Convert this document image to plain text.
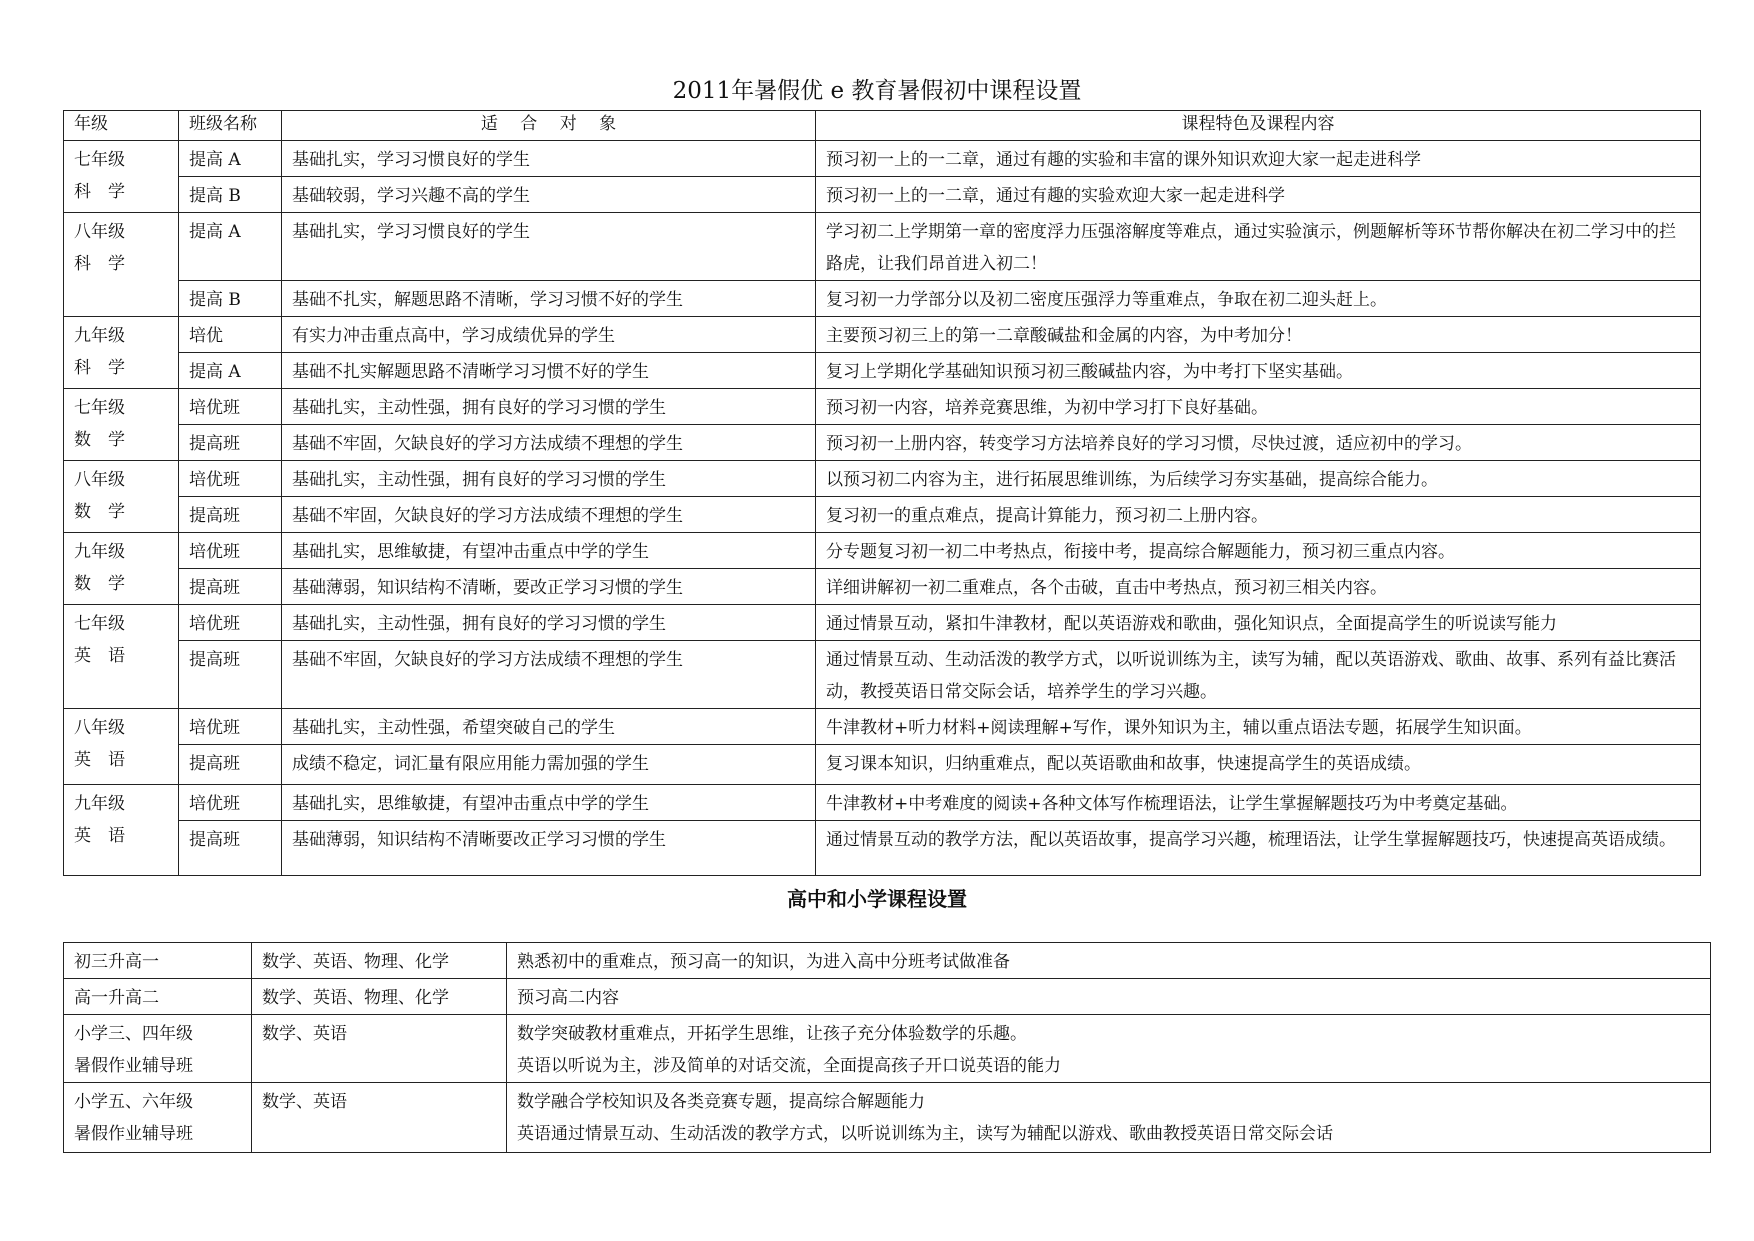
2011年暑假优 e 教育暑假初中课程设置
年级	班级名称	适　 合　 对　 象	课程特色及课程内容

七年级
科　学	提高 A	基础扎实，学习习惯良好的学生	预习初一上的一二章，通过有趣的实验和丰富的课外知识欢迎大家一起走进科学
	提高 B	基础较弱，学习兴趣不高的学生	预习初一上的一二章，通过有趣的实验欢迎大家一起走进科学

八年级
科　学	提高 A	基础扎实，学习习惯良好的学生	学习初二上学期第一章的密度浮力压强溶解度等难点，通过实验演示，例题解析等环节帮你解决在初二学习中的拦路虎，让我们昂首进入初二！
	提高 B	基础不扎实，解题思路不清晰，学习习惯不好的学生	复习初一力学部分以及初二密度压强浮力等重难点，争取在初二迎头赶上。

九年级
科　学	培优	有实力冲击重点高中，学习成绩优异的学生	主要预习初三上的第一二章酸碱盐和金属的内容，为中考加分！
	提高 A	基础不扎实解题思路不清晰学习习惯不好的学生	复习上学期化学基础知识预习初三酸碱盐内容，为中考打下坚实基础。

七年级
数　学	培优班	基础扎实，主动性强，拥有良好的学习习惯的学生	预习初一内容，培养竞赛思维，为初中学习打下良好基础。
	提高班	基础不牢固，欠缺良好的学习方法成绩不理想的学生	预习初一上册内容，转变学习方法培养良好的学习习惯，尽快过渡，适应初中的学习。

八年级
数　学	培优班	基础扎实，主动性强，拥有良好的学习习惯的学生	以预习初二内容为主，进行拓展思维训练，为后续学习夯实基础，提高综合能力。
	提高班	基础不牢固，欠缺良好的学习方法成绩不理想的学生	复习初一的重点难点，提高计算能力，预习初二上册内容。

九年级
数　学	培优班	基础扎实，思维敏捷，有望冲击重点中学的学生	分专题复习初一初二中考热点，衔接中考，提高综合解题能力，预习初三重点内容。
	提高班	基础薄弱，知识结构不清晰，要改正学习习惯的学生	详细讲解初一初二重难点，各个击破，直击中考热点，预习初三相关内容。

七年级
英　语	培优班	基础扎实，主动性强，拥有良好的学习习惯的学生	通过情景互动，紧扣牛津教材，配以英语游戏和歌曲，强化知识点，全面提高学生的听说读写能力
	提高班	基础不牢固，欠缺良好的学习方法成绩不理想的学生	通过情景互动、生动活泼的教学方式，以听说训练为主，读写为辅，配以英语游戏、歌曲、故事、系列有益比赛活动，教授英语日常交际会话，培养学生的学习兴趣。

八年级
英　语	培优班	基础扎实，主动性强，希望突破自己的学生	牛津教材+听力材料+阅读理解+写作，课外知识为主，辅以重点语法专题，拓展学生知识面。
	提高班	成绩不稳定，词汇量有限应用能力需加强的学生	复习课本知识，归纳重难点，配以英语歌曲和故事，快速提高学生的英语成绩。

九年级
英　语	培优班	基础扎实，思维敏捷，有望冲击重点中学的学生	牛津教材+中考难度的阅读+各种文体写作梳理语法，让学生掌握解题技巧为中考奠定基础。
	提高班	基础薄弱，知识结构不清晰要改正学习习惯的学生	通过情景互动的教学方法，配以英语故事，提高学习兴趣，梳理语法，让学生掌握解题技巧，快速提高英语成绩。
高中和小学课程设置
初三升高一	数学、英语、物理、化学	熟悉初中的重难点，预习高一的知识，为进入高中分班考试做准备

高一升高二	数学、英语、物理、化学	预习高二内容

小学三、四年级
暑假作业辅导班	数学、英语	数学突破教材重难点，开拓学生思维，让孩子充分体验数学的乐趣。
英语以听说为主，涉及简单的对话交流，全面提高孩子开口说英语的能力

小学五、六年级
暑假作业辅导班	数学、英语	数学融合学校知识及各类竞赛专题，提高综合解题能力
英语通过情景互动、生动活泼的教学方式，以听说训练为主，读写为辅配以游戏、歌曲教授英语日常交际会话
